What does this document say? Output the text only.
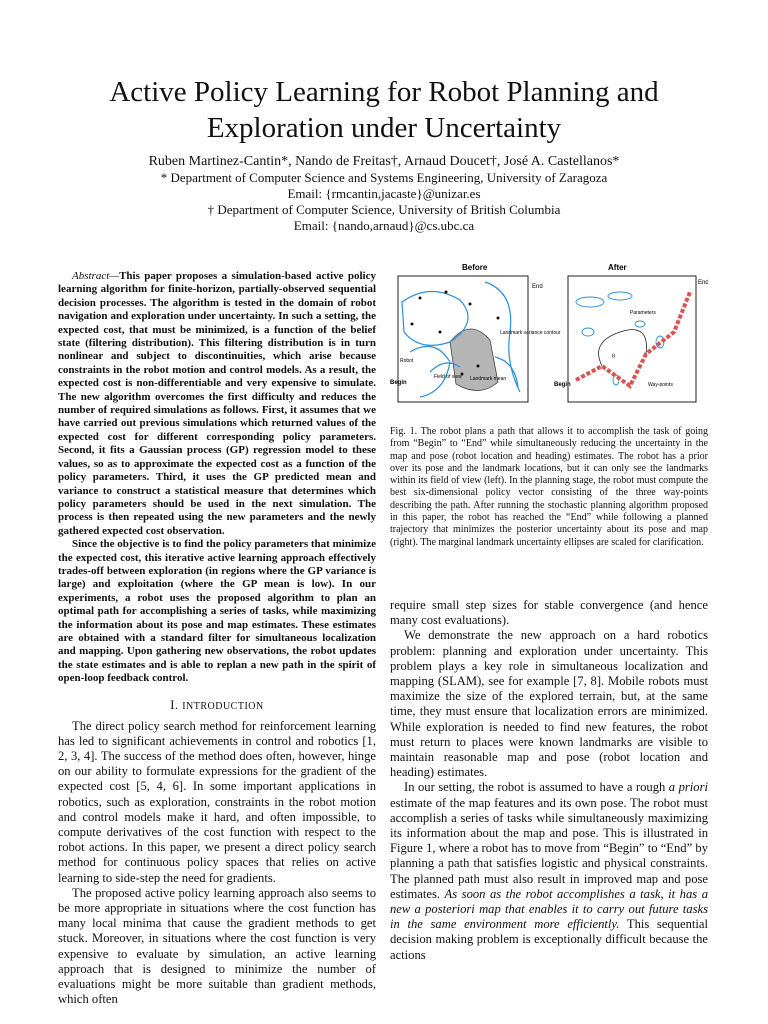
Active Policy Learning for Robot Planning and
Exploration under Uncertainty
Ruben Martinez-Cantin*, Nando de Freitas†, Arnaud Doucet†, José A. Castellanos*
* Department of Computer Science and Systems Engineering, University of Zaragoza
Email: {rmcantin,jacaste}@unizar.es
† Department of Computer Science, University of British Columbia
Email: {nando,arnaud}@cs.ubc.ca

Abstract—This paper proposes a simulation-based active policy learning algorithm for finite-horizon, partially-observed sequential decision processes. The algorithm is tested in the domain of robot navigation and exploration under uncertainty. In such a setting, the expected cost, that must be minimized, is a function of the belief state (filtering distribution). This filtering distribution is in turn nonlinear and subject to discontinuities, which arise because constraints in the robot motion and control models. As a result, the expected cost is non-differentiable and very expensive to simulate. The new algorithm overcomes the first difficulty and reduces the number of required simulations as follows. First, it assumes that we have carried out previous simulations which returned values of the expected cost for different corresponding policy parameters. Second, it fits a Gaussian process (GP) regression model to these values, so as to approximate the expected cost as a function of the policy parameters. Third, it uses the GP predicted mean and variance to construct a statistical measure that determines which policy parameters should be used in the next simulation. The process is then repeated using the new parameters and the newly gathered expected cost observation.

Since the objective is to find the policy parameters that minimize the expected cost, this iterative active learning approach effectively trades-off between exploration (in regions where the GP variance is large) and exploitation (where the GP mean is low). In our experiments, a robot uses the proposed algorithm to plan an optimal path for accomplishing a series of tasks, while maximizing the information about its pose and map estimates. These estimates are obtained with a standard filter for simultaneous localization and mapping. Upon gathering new observations, the robot updates the state estimates and is able to replan a new path in the spirit of open-loop feedback control.

I. INTRODUCTION

The direct policy search method for reinforcement learning has led to significant achievements in control and robotics [1, 2, 3, 4]. The success of the method does often, however, hinge on our ability to formulate expressions for the gradient of the expected cost [5, 4, 6]. In some important applications in robotics, such as exploration, constraints in the robot motion and control models make it hard, and often impossible, to compute derivatives of the cost function with respect to the robot actions. In this paper, we present a direct policy search method for continuous policy spaces that relies on active learning to side-step the need for gradients.

The proposed active policy learning approach also seems to be more appropriate in situations where the cost function has many local minima that cause the gradient methods to get stuck. Moreover, in situations where the cost function is very expensive to evaluate by simulation, an active learning approach that is designed to minimize the number of evaluations might be more suitable than gradient methods, which often

Before
End
Robot
Begin
Field of view Landmark mean
Landmark variance contour
After
Parameters
End
Begin	Way-points
θ

Fig. 1. The robot plans a path that allows it to accomplish the task of going from “Begin” to “End” while simultaneously reducing the uncertainty in the map and pose (robot location and heading) estimates. The robot has a prior over its pose and the landmark locations, but it can only see the landmarks within its field of view (left). In the planning stage, the robot must compute the best six-dimensional policy vector consisting of the three way-points describing the path. After running the stochastic planning algorithm proposed in this paper, the robot has reached the “End” while following a planned trajectory that minimizes the posterior uncertainty about its pose and map (right). The marginal landmark uncertainty ellipses are scaled for clarification.

require small step sizes for stable convergence (and hence many cost evaluations).

We demonstrate the new approach on a hard robotics problem: planning and exploration under uncertainty. This problem plays a key role in simultaneous localization and mapping (SLAM), see for example [7, 8]. Mobile robots must maximize the size of the explored terrain, but, at the same time, they must ensure that localization errors are minimized. While exploration is needed to find new features, the robot must return to places were known landmarks are visible to maintain reasonable map and pose (robot location and heading) estimates.

In our setting, the robot is assumed to have a rough a priori estimate of the map features and its own pose. The robot must accomplish a series of tasks while simultaneously maximizing its information about the map and pose. This is illustrated in Figure 1, where a robot has to move from “Begin” to “End” by planning a path that satisfies logistic and physical constraints. The planned path must also result in improved map and pose estimates. As soon as the robot accomplishes a task, it has a new a posteriori map that enables it to carry out future tasks in the same environment more efficiently. This sequential decision making problem is exceptionally difficult because the actions
